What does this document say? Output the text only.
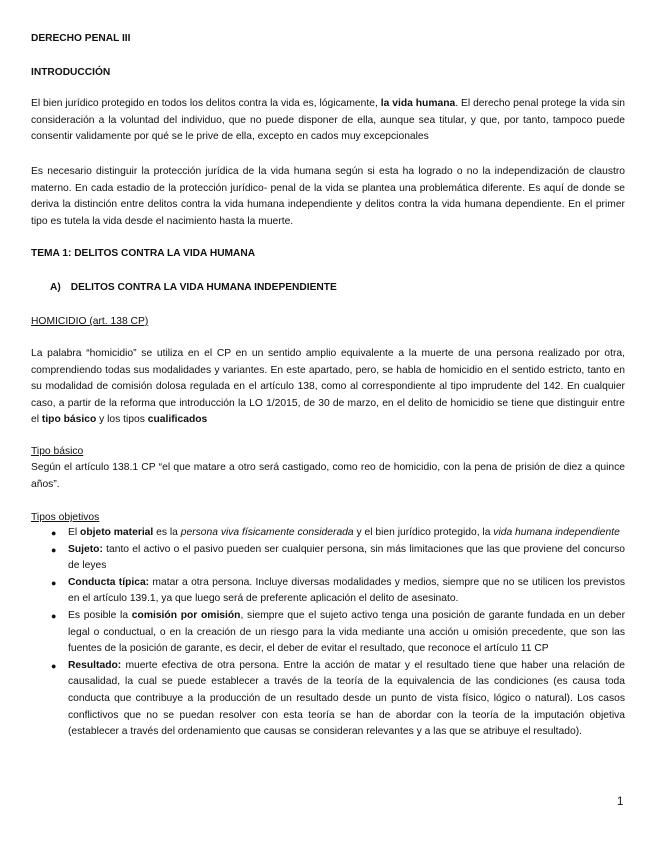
DERECHO PENAL III

INTRODUCCIÓN

El bien jurídico protegido en todos los delitos contra la vida es, lógicamente, la vida humana. El derecho penal protege la vida sin consideración a la voluntad del individuo, que no puede disponer de ella, aunque sea titular, y que, por tanto, tampoco puede consentir validamente por qué se le prive de ella, excepto en cados muy excepcionales

Es necesario distinguir la protección jurídica de la vida humana según si esta ha logrado o no la independización de claustro materno. En cada estadio de la protección jurídico- penal de la vida se plantea una problemática diferente. Es aquí de donde se deriva la distinción entre delitos contra la vida humana independiente y delitos contra la vida humana dependiente. En el primer tipo es tutela la vida desde el nacimiento hasta la muerte.

TEMA 1: DELITOS CONTRA LA VIDA HUMANA

A) DELITOS CONTRA LA VIDA HUMANA INDEPENDIENTE

HOMICIDIO (art. 138 CP)

La palabra “homicidio” se utiliza en el CP en un sentido amplio equivalente a la muerte de una persona realizado por otra, comprendiendo todas sus modalidades y variantes. En este apartado, pero, se habla de homicidio en el sentido estricto, tanto en su modalidad de comisión dolosa regulada en el artículo 138, como al correspondiente al tipo imprudente del 142. En cualquier caso, a partir de la reforma que introducción la LO 1/2015, de 30 de marzo, en el delito de homicidio se tiene que distinguir entre el tipo básico y los tipos cualificados

Tipo básico

Según el artículo 138.1 CP “el que matare a otro será castigado, como reo de homicidio, con la pena de prisión de diez a quince años”.

Tipos objetivos

● El objeto material es la persona viva físicamente considerada y el bien jurídico protegido, la vida humana independiente
● Sujeto: tanto el activo o el pasivo pueden ser cualquier persona, sin más limitaciones que las que proviene del concurso de leyes
● Conducta típica: matar a otra persona. Incluye diversas modalidades y medios, siempre que no se utilicen los previstos en el artículo 139.1, ya que luego será de preferente aplicación el delito de asesinato.
● Es posible la comisión por omisión, siempre que el sujeto activo tenga una posición de garante fundada en un deber legal o conductual, o en la creación de un riesgo para la vida mediante una acción u omisión precedente, que son las fuentes de la posición de garante, es decir, el deber de evitar el resultado, que reconoce el artículo 11 CP
● Resultado: muerte efectiva de otra persona. Entre la acción de matar y el resultado tiene que haber una relación de causalidad, la cual se puede establecer a través de la teoría de la equivalencia de las condiciones (es causa toda conducta que contribuye a la producción de un resultado desde un punto de vista físico, lógico o natural). Los casos conflictivos que no se puedan resolver con esta teoría se han de abordar con la teoría de la imputación objetiva (establecer a través del ordenamiento que causas se consideran relevantes y a las que se atribuye el resultado).
1
